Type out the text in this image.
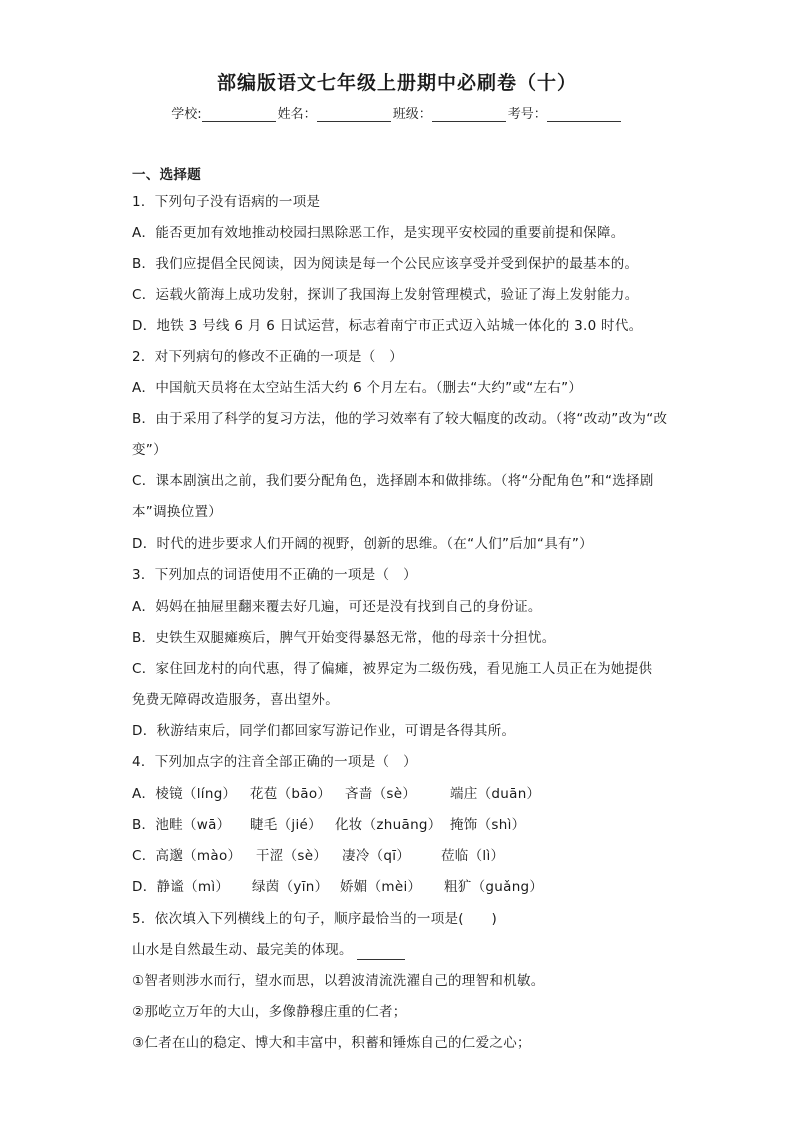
部编版语文七年级上册期中必刷卷（十）
学校:	姓名：	班级：	考号：
一、选择题
1．下列句子没有语病的一项是
A．能否更加有效地推动校园扫黑除恶工作，是实现平安校园的重要前提和保障。
B．我们应提倡全民阅读，因为阅读是每一个公民应该享受并受到保护的最基本的。
C．运载火箭海上成功发射，探训了我国海上发射管理模式，验证了海上发射能力。
D．地铁 3 号线 6 月 6 日试运营，标志着南宁市正式迈入站城一体化的 3.0 时代。
2．对下列病句的修改不正确的一项是（　）
A．中国航天员将在太空站生活大约 6 个月左右。（删去“大约”或“左右”）
B．由于采用了科学的复习方法，他的学习效率有了较大幅度的改动。（将“改动”改为“改
变”）
C．课本剧演出之前，我们要分配角色，选择剧本和做排练。（将“分配角色”和“选择剧
本”调换位置）
D．时代的进步要求人们开阔的视野，创新的思维。（在“人们”后加“具有”）
3．下列加点的词语使用不正确的一项是（　）
A．妈妈在抽屉里翻来覆去好几遍，可还是没有找到自己的身份证。
B．史铁生双腿瘫痪后，脾气开始变得暴怒无常，他的母亲十分担忧。
C．家住回龙村的向代惠，得了偏瘫，被界定为二级伤残，看见施工人员正在为她提供
免费无障碍改造服务，喜出望外。
D．秋游结束后，同学们都回家写游记作业，可谓是各得其所。
4．下列加点字的注音全部正确的一项是（　）
A．棱镜（líng） 花苞（bāo） 吝啬（sè）	端庄（duān）
B．池畦（wā） 睫毛（jié） 化妆（zhuāng） 掩饰（shì）
C．高邈（mào） 干涩（sè） 凄冷（qī） 莅临（lì）
D．静谧（mì） 绿茵（yīn） 娇媚（mèi） 粗犷（guǎng）
5．依次填入下列横线上的句子，顺序最恰当的一项是(　　)
山水是自然最生动、最完美的体现。
①智者则涉水而行，望水而思，以碧波清流洗濯自己的理智和机敏。
②那屹立万年的大山，多像静穆庄重的仁者；
③仁者在山的稳定、博大和丰富中，积蓄和锤炼自己的仁爱之心；
